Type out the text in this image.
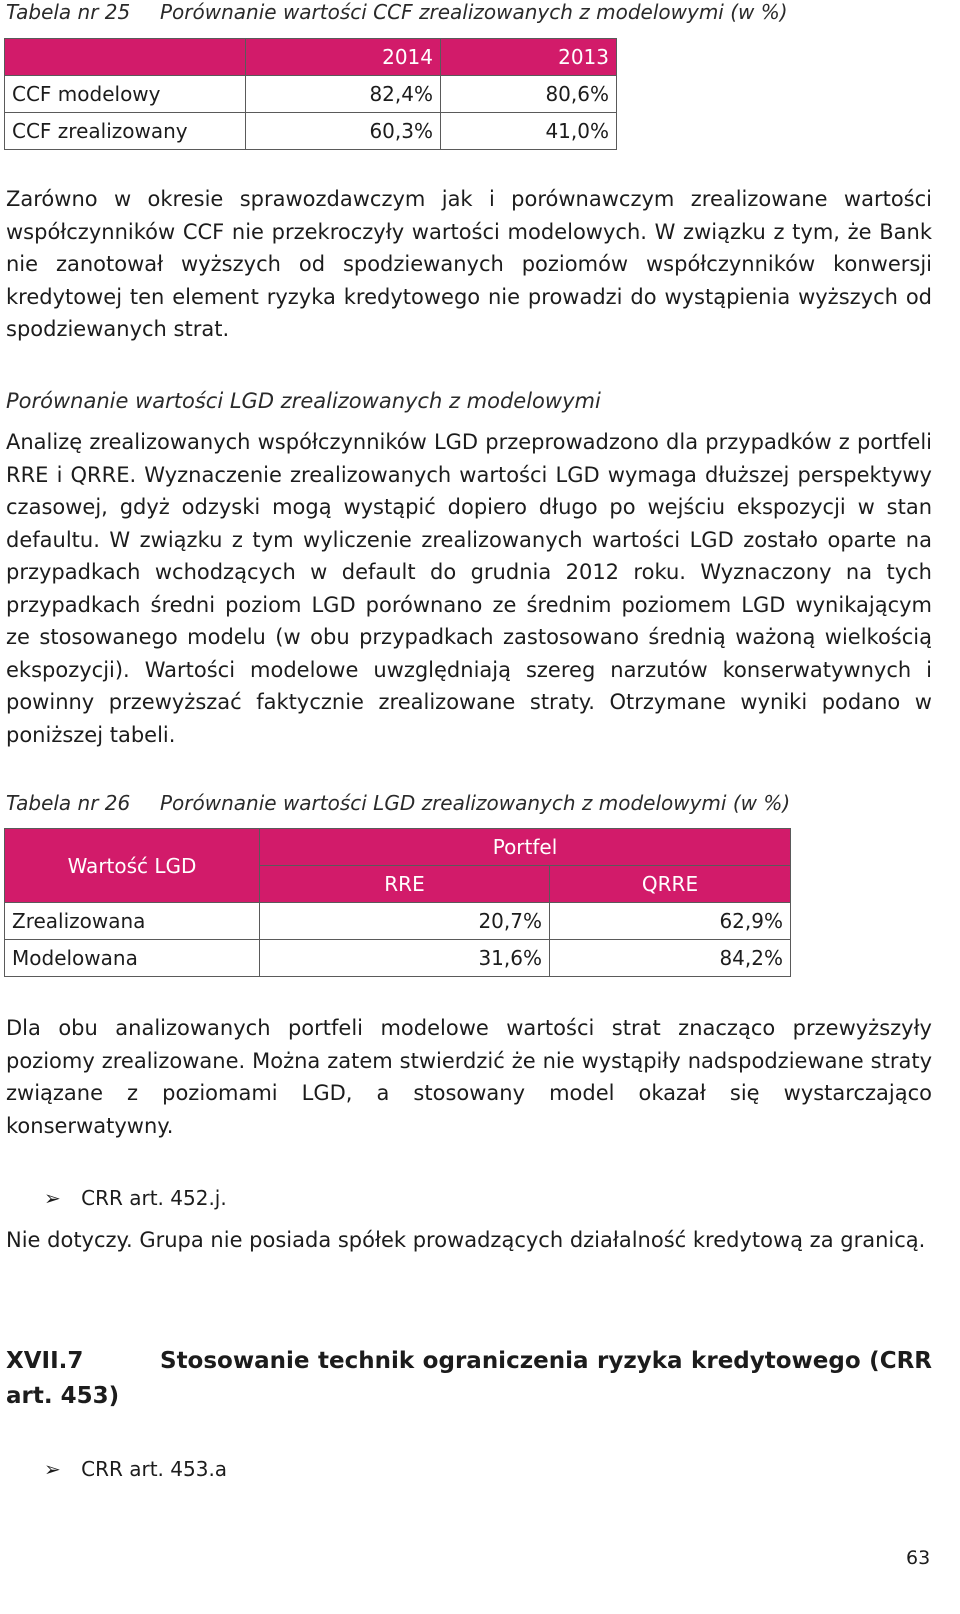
Tabela nr 25 Porównanie wartości CCF zrealizowanych z modelowymi (w %)
	2014	2013
CCF modelowy	82,4%	80,6%
CCF zrealizowany	60,3%	41,0%

Zarówno w okresie sprawozdawczym jak i porównawczym zrealizowane wartości współczynników CCF nie przekroczyły wartości modelowych. W związku z tym, że Bank nie zanotował wyższych od spodziewanych poziomów współczynników konwersji kredytowej ten element ryzyka kredytowego nie prowadzi do wystąpienia wyższych od spodziewanych strat.

Porównanie wartości LGD zrealizowanych z modelowymi

Analizę zrealizowanych współczynników LGD przeprowadzono dla przypadków z portfeli RRE i QRRE. Wyznaczenie zrealizowanych wartości LGD wymaga dłuższej perspektywy czasowej, gdyż odzyski mogą wystąpić dopiero długo po wejściu ekspozycji w stan defaultu. W związku z tym wyliczenie zrealizowanych wartości LGD zostało oparte na przypadkach wchodzących w default do grudnia 2012 roku. Wyznaczony na tych przypadkach średni poziom LGD porównano ze średnim poziomem LGD wynikającym ze stosowanego modelu (w obu przypadkach zastosowano średnią ważoną wielkością ekspozycji). Wartości modelowe uwzględniają szereg narzutów konserwatywnych i powinny przewyższać faktycznie zrealizowane straty. Otrzymane wyniki podano w poniższej tabeli.

Tabela nr 26 Porównanie wartości LGD zrealizowanych z modelowymi (w %)
Wartość LGD	Portfel	
	RRE	QRRE
Zrealizowana	20,7%	62,9%
Modelowana	31,6%	84,2%

Dla obu analizowanych portfeli modelowe wartości strat znacząco przewyższyły poziomy zrealizowane. Można zatem stwierdzić że nie wystąpiły nadspodziewane straty związane z poziomami LGD, a stosowany model okazał się wystarczająco konserwatywny.

➢ CRR art. 452.j.

Nie dotyczy. Grupa nie posiada spółek prowadzących działalność kredytową za granicą.

XVII.7	Stosowanie technik ograniczenia ryzyka kredytowego (CRR
art. 453)
➢ CRR art. 453.a
63
